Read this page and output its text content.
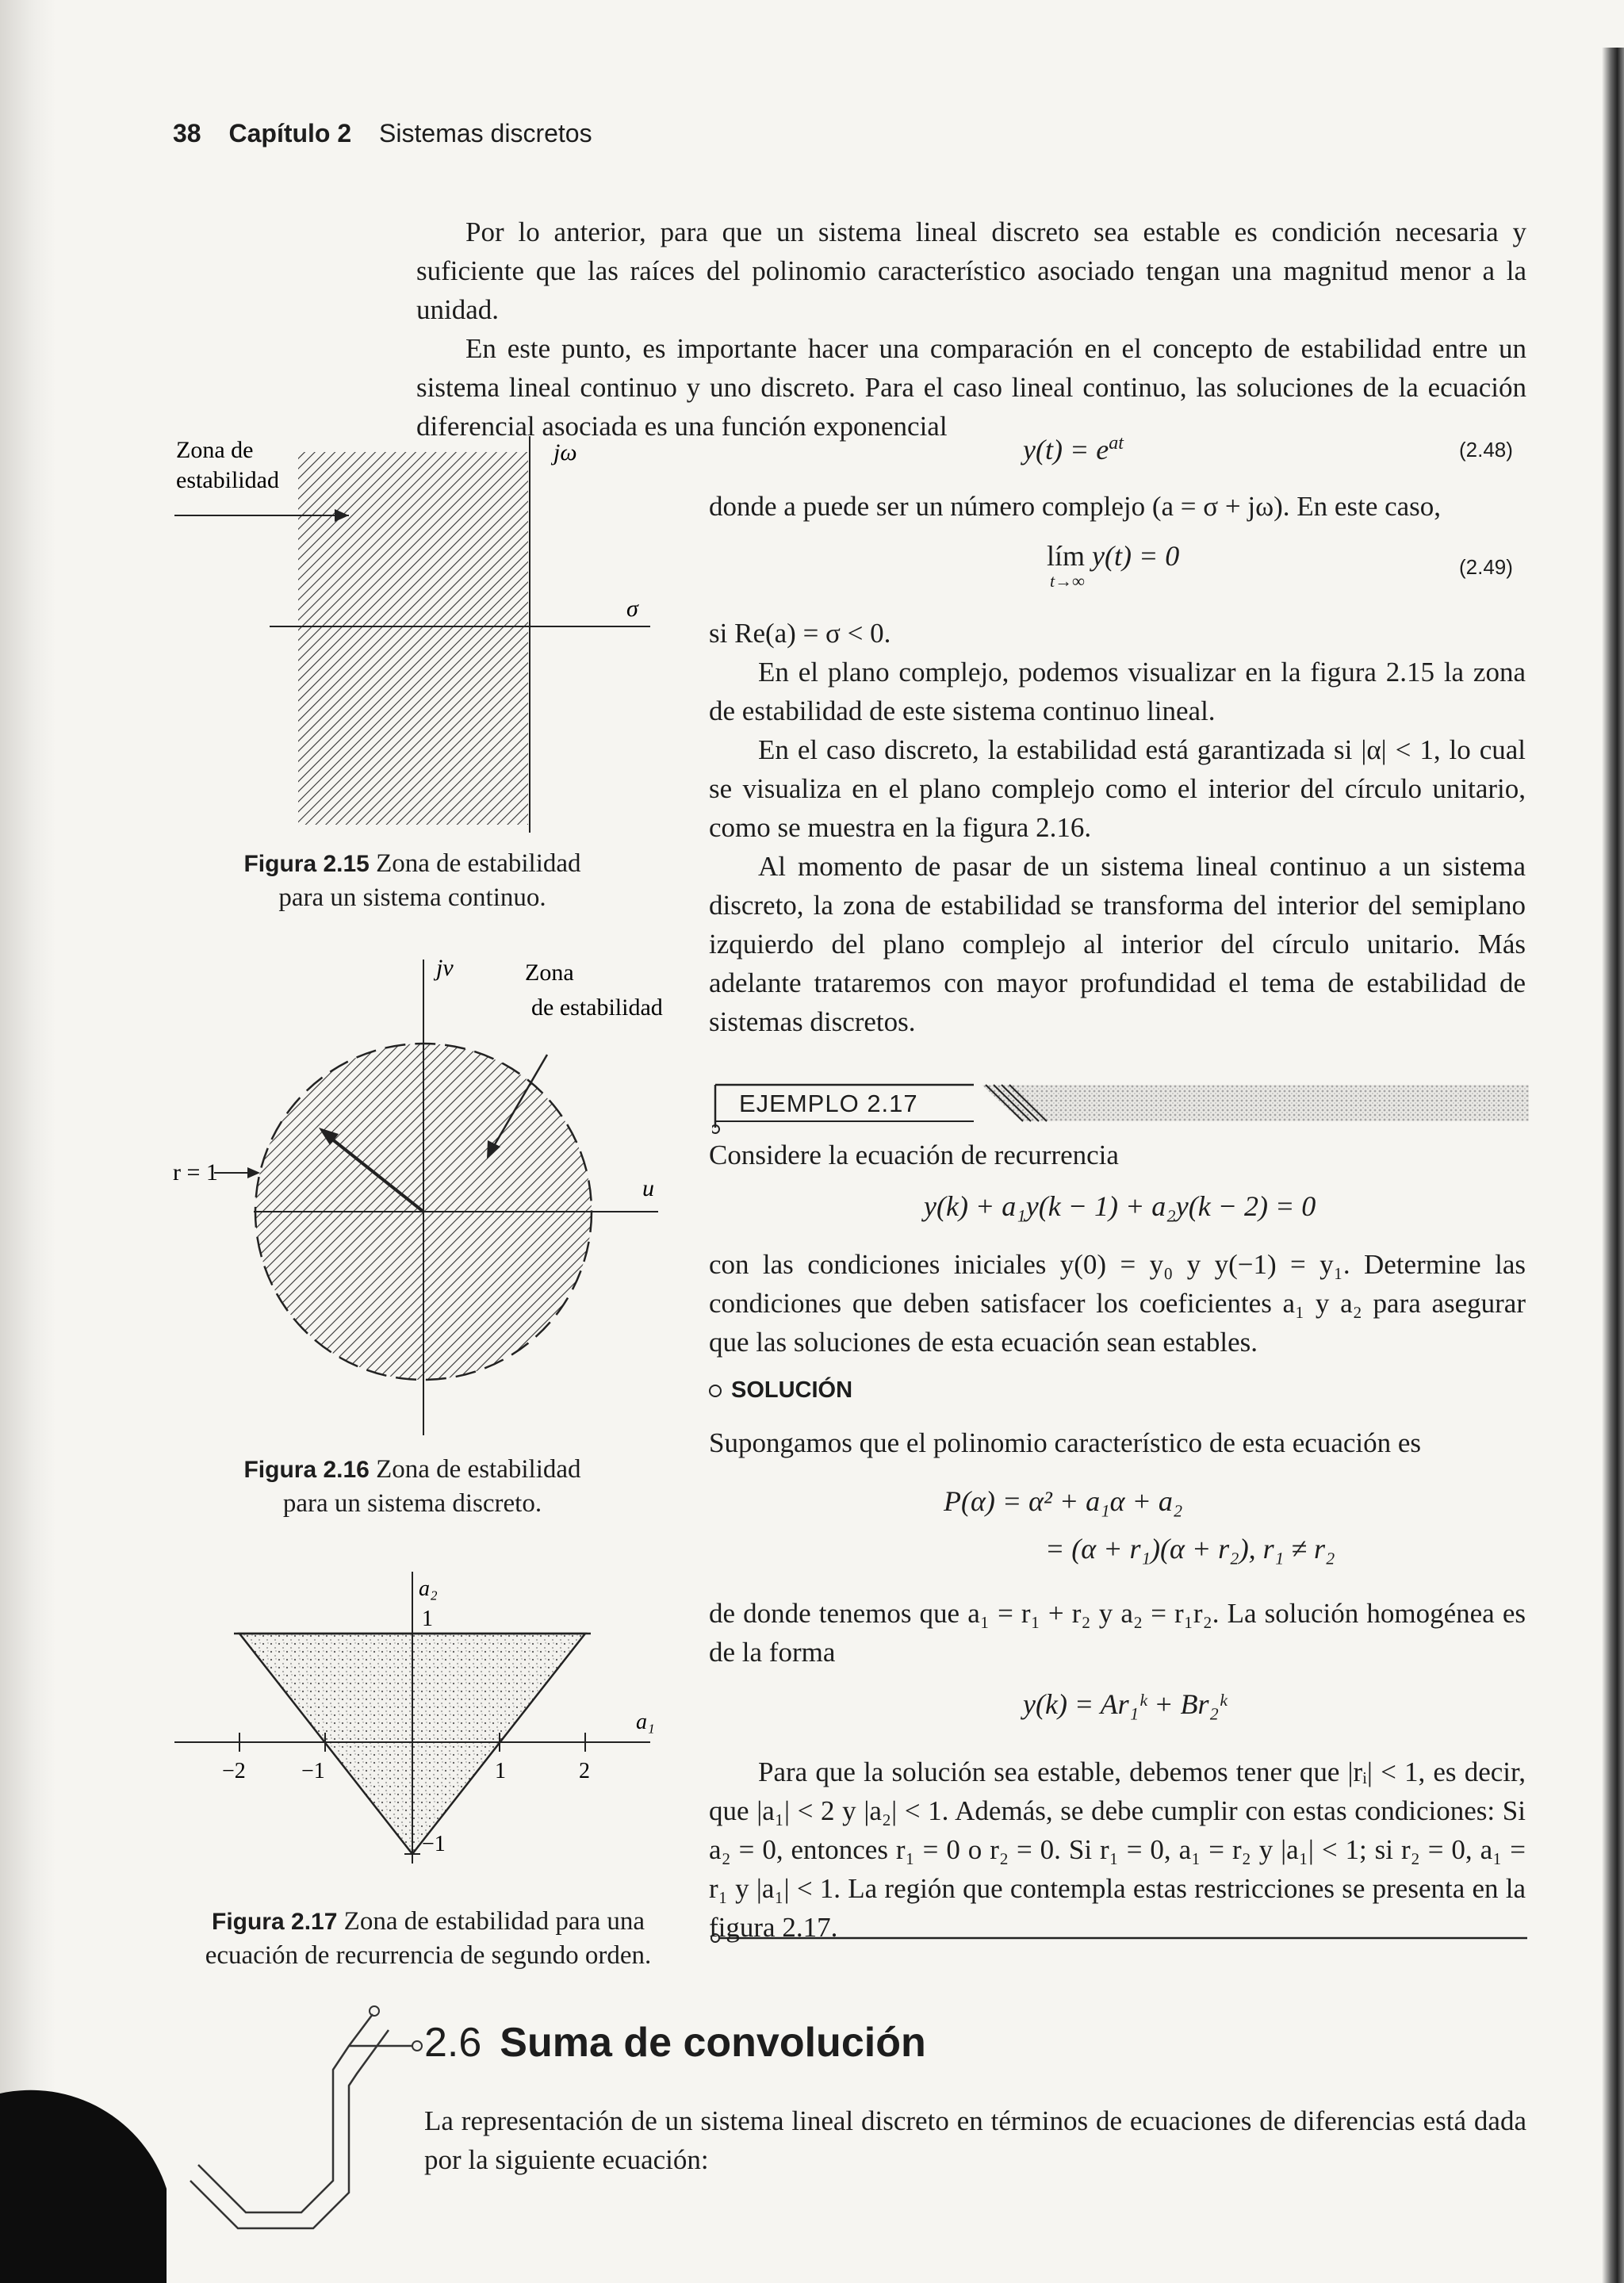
38 Capítulo 2 Sistemas discretos

Por lo anterior, para que un sistema lineal discreto sea estable es condición necesaria y suficiente que las raíces del polinomio característico asociado tengan una magnitud menor a la unidad.

En este punto, es importante hacer una comparación en el concepto de estabilidad entre un sistema lineal continuo y uno discreto. Para el caso lineal continuo, las soluciones de la ecuación diferencial asociada es una función exponencial

$y(t) = e^{at}$	(2.48)

donde a puede ser un número complejo (a = σ + jω). En este caso,

lím y(t) = 0
t→∞
(2.49)

si Re(a) = σ < 0.

En el plano complejo, podemos visualizar en la figura 2.15 la zona de estabilidad de este sistema continuo lineal.

En el caso discreto, la estabilidad está garantizada si |α| < 1, lo cual se visualiza en el plano complejo como el interior del círculo unitario, como se muestra en la figura 2.16.

Al momento de pasar de un sistema lineal continuo a un sistema discreto, la zona de estabilidad se transforma del interior del semiplano izquierdo del plano complejo al interior del círculo unitario. Más adelante trataremos con mayor profundidad el tema de estabilidad de sistemas discretos.

EJEMPLO 2.17

Considere la ecuación de recurrencia

y(k) + a₁y(k − 1) + a₂y(k − 2) = 0

con las condiciones iniciales y(0) = y₀ y y(−1) = y₁. Determine las condiciones que deben satisfacer los coeficientes a₁ y a₂ para asegurar que las soluciones de esta ecuación sean estables.

SOLUCIÓN

Supongamos que el polinomio característico de esta ecuación es

P(α) = α² + a₁α + a₂
= (α + r₁)(α + r₂), r₁ ≠ r₂

de donde tenemos que a₁ = r₁ + r₂ y a₂ = r₁r₂. La solución homogénea es de la forma

y(k) = Ar₁ᵏ + Br₂ᵏ

Para que la solución sea estable, debemos tener que |rᵢ| < 1, es decir, que |a₁| < 2 y |a₂| < 1. Además, se debe cumplir con estas condiciones: Si a₂ = 0, entonces r₁ = 0 o r₂ = 0. Si r₁ = 0, a₁ = r₂ y |a₁| < 1; si r₂ = 0, a₁ = r₁ y |a₁| < 1. La región que contempla estas restricciones se presenta en la figura 2.17.

Zona de
estabilidad
jω
σ
Figura 2.15 Zona de estabilidad
para un sistema continuo.
jv
u
Zona
de estabilidad
r = 1
Figura 2.16 Zona de estabilidad
para un sistema discreto.
a₂
a₁
1
−1
−2	−1	1	2
Figura 2.17 Zona de estabilidad para una
ecuación de recurrencia de segundo orden.
2.6 Suma de convolución

La representación de un sistema lineal discreto en términos de ecuaciones de diferencias está dada por la siguiente ecuación:
